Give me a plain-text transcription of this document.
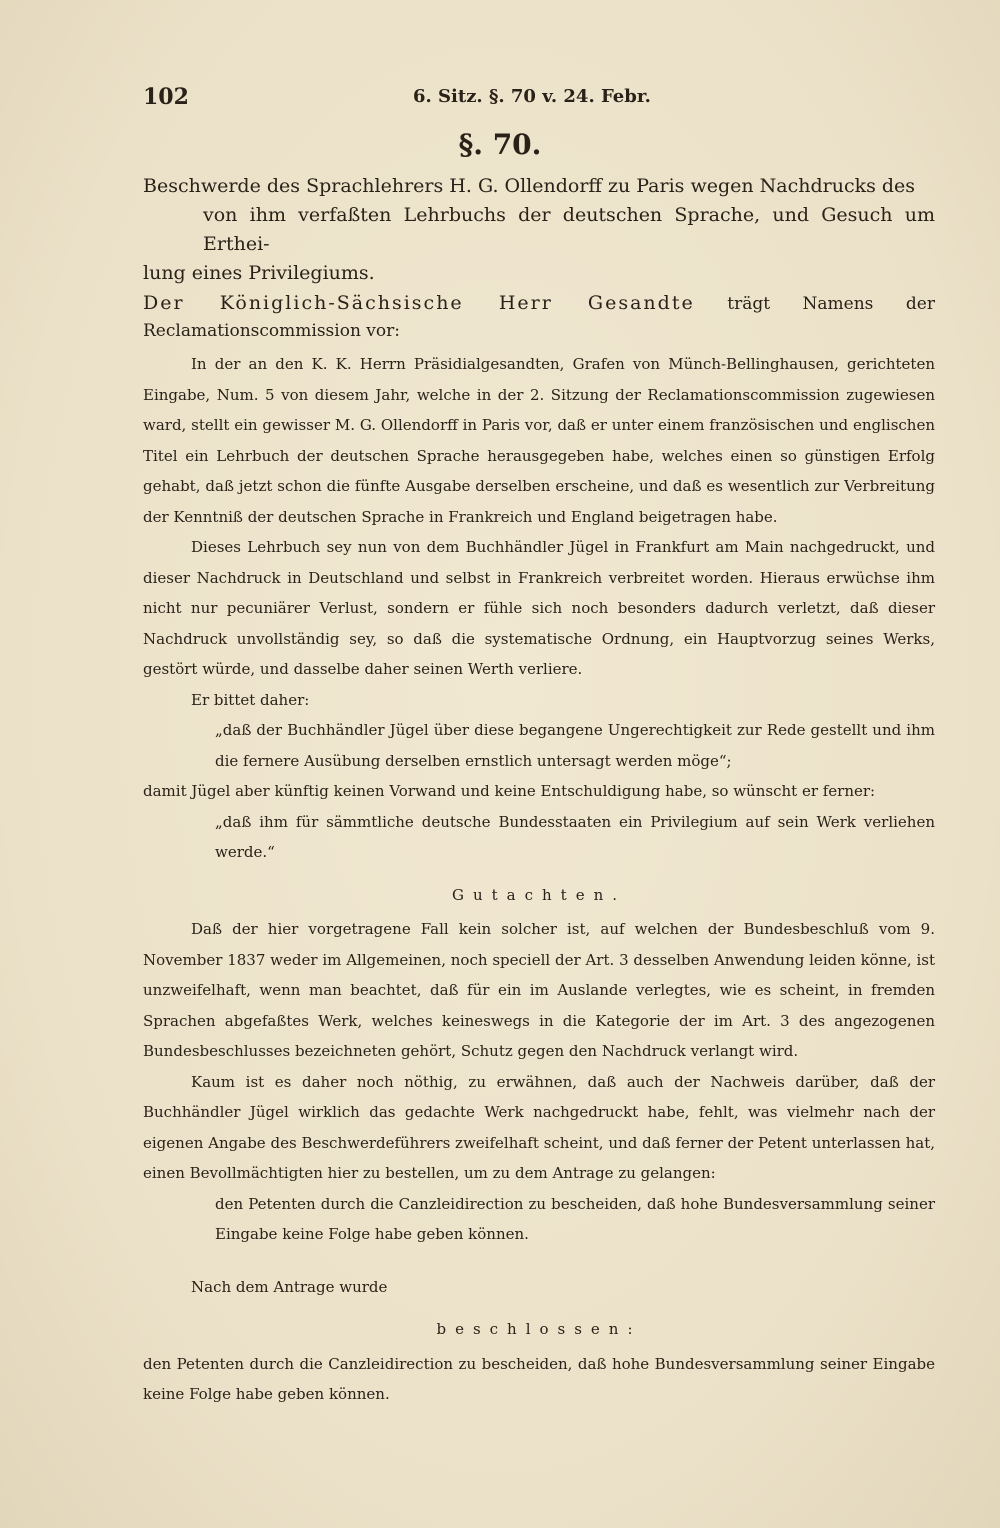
102	6. Sitz. §. 70 v. 24. Febr.
§. 70.

Beschwerde des Sprachlehrers H. G. Ollendorff zu Paris wegen Nachdrucks des
von ihm verfaßten Lehrbuchs der deutschen Sprache, und Gesuch um Erthei-
lung eines Privilegiums.

Der Königlich-Sächsische Herr Gesandte trägt Namens der Reclamationscommission vor:

In der an den K. K. Herrn Präsidialgesandten, Grafen von Münch-Bellinghausen, gerichteten Eingabe, Num. 5 von diesem Jahr, welche in der 2. Sitzung der Reclamationscommission zugewiesen ward, stellt ein gewisser M. G. Ollendorff in Paris vor, daß er unter einem französischen und englischen Titel ein Lehrbuch der deutschen Sprache herausgegeben habe, welches einen so günstigen Erfolg gehabt, daß jetzt schon die fünfte Ausgabe derselben erscheine, und daß es wesentlich zur Verbreitung der Kenntniß der deutschen Sprache in Frankreich und England beigetragen habe.

Dieses Lehrbuch sey nun von dem Buchhändler Jügel in Frankfurt am Main nachgedruckt, und dieser Nachdruck in Deutschland und selbst in Frankreich verbreitet worden. Hieraus erwüchse ihm nicht nur pecuniärer Verlust, sondern er fühle sich noch besonders dadurch verletzt, daß dieser Nachdruck unvollständig sey, so daß die systematische Ordnung, ein Hauptvorzug seines Werks, gestört würde, und dasselbe daher seinen Werth verliere.

Er bittet daher:

„daß der Buchhändler Jügel über diese begangene Ungerechtigkeit zur Rede gestellt und ihm die fernere Ausübung derselben ernstlich untersagt werden möge“;

damit Jügel aber künftig keinen Vorwand und keine Entschuldigung habe, so wünscht er ferner:

„daß ihm für sämmtliche deutsche Bundesstaaten ein Privilegium auf sein Werk verliehen werde.“

Gutachten.

Daß der hier vorgetragene Fall kein solcher ist, auf welchen der Bundesbeschluß vom 9. November 1837 weder im Allgemeinen, noch speciell der Art. 3 desselben Anwendung leiden könne, ist unzweifelhaft, wenn man beachtet, daß für ein im Auslande verlegtes, wie es scheint, in fremden Sprachen abgefaßtes Werk, welches keineswegs in die Kategorie der im Art. 3 des angezogenen Bundesbeschlusses bezeichneten gehört, Schutz gegen den Nachdruck verlangt wird.

Kaum ist es daher noch nöthig, zu erwähnen, daß auch der Nachweis darüber, daß der Buchhändler Jügel wirklich das gedachte Werk nachgedruckt habe, fehlt, was vielmehr nach der eigenen Angabe des Beschwerdeführers zweifelhaft scheint, und daß ferner der Petent unterlassen hat, einen Bevollmächtigten hier zu bestellen, um zu dem Antrage zu gelangen:

den Petenten durch die Canzleidirection zu bescheiden, daß hohe Bundesversammlung seiner Eingabe keine Folge habe geben können.

Nach dem Antrage wurde

beschlossen:

den Petenten durch die Canzleidirection zu bescheiden, daß hohe Bundesversammlung seiner Eingabe keine Folge habe geben können.
